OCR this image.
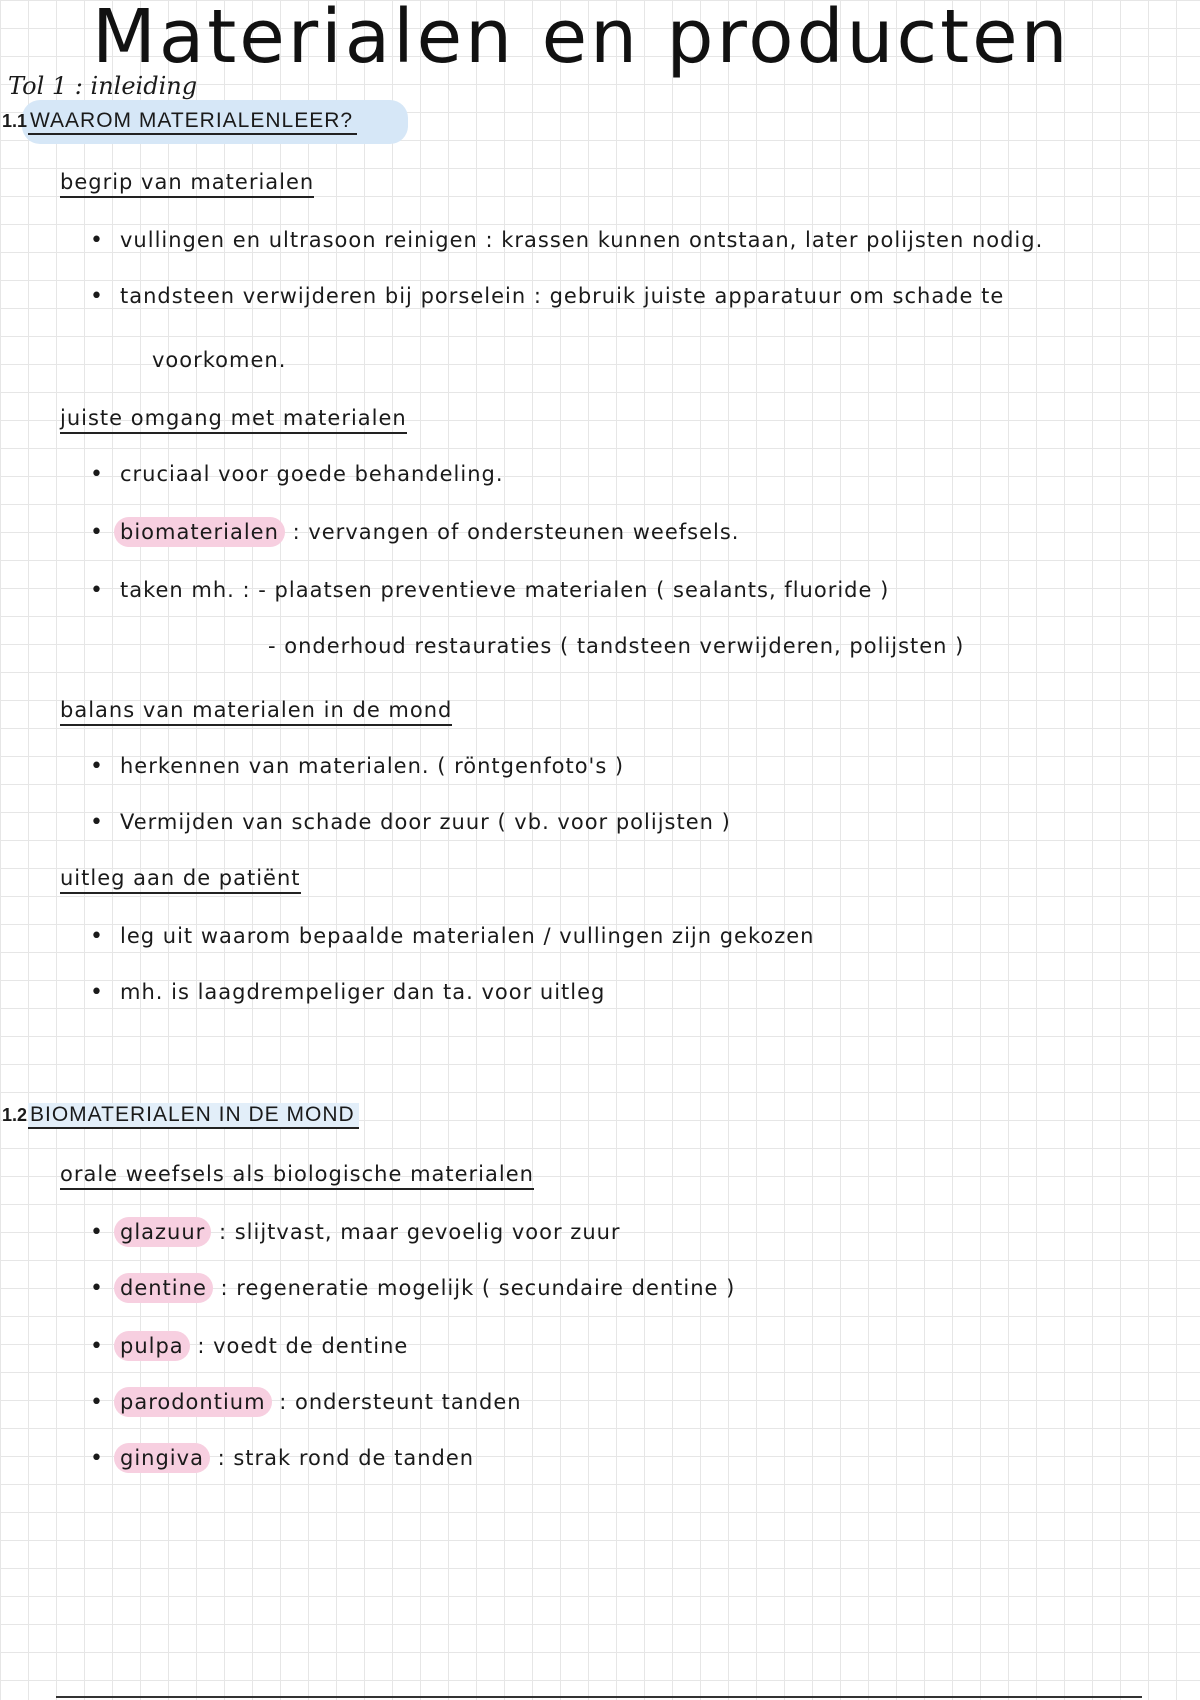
Materialen en producten
Tol 1 : inleiding
1.1 WAAROM MATERIALENLEER?
begrip van materialen
• vullingen en ultrasoon reinigen : krassen kunnen ontstaan, later polijsten nodig.
• tandsteen verwijderen bij porselein : gebruik juiste apparatuur om schade te
voorkomen.
juiste omgang met materialen
• cruciaal voor goede behandeling.
• biomaterialen : vervangen of ondersteunen weefsels.
• taken mh. : - plaatsen preventieve materialen ( sealants, fluoride )
- onderhoud restauraties ( tandsteen verwijderen, polijsten )
balans van materialen in de mond
• herkennen van materialen. ( röntgenfoto's )
• Vermijden van schade door zuur ( vb. voor polijsten )
uitleg aan de patiënt
• leg uit waarom bepaalde materialen / vullingen zijn gekozen
• mh. is laagdrempeliger dan ta. voor uitleg
1.2 BIOMATERIALEN IN DE MOND
orale weefsels als biologische materialen
• glazuur : slijtvast, maar gevoelig voor zuur
• dentine : regeneratie mogelijk ( secundaire dentine )
• pulpa : voedt de dentine
• parodontium : ondersteunt tanden
• gingiva : strak rond de tanden
